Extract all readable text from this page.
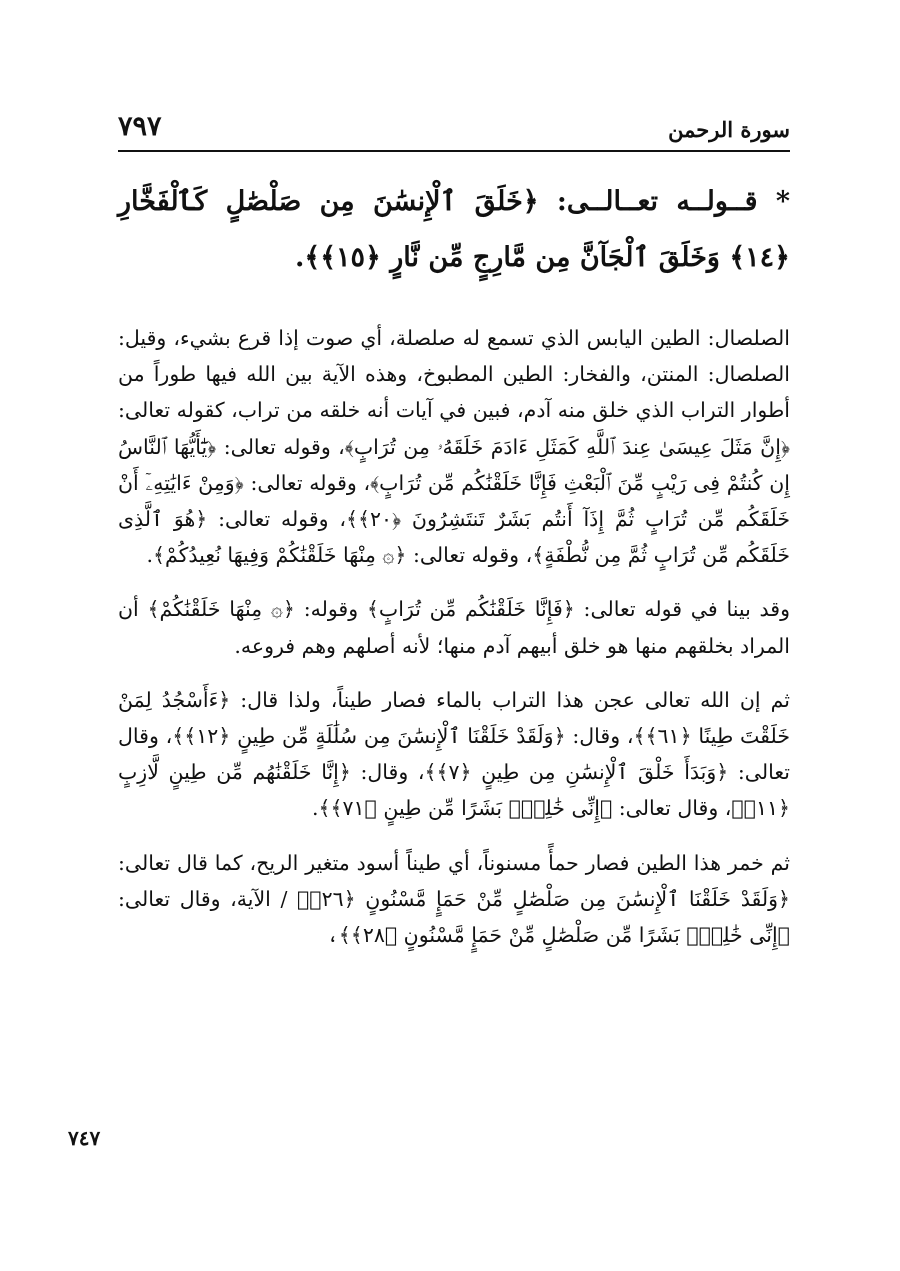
سورة الرحمن
٧٩٧
* قــولــه تعــالــى: ﴿خَلَقَ ٱلْإِنسَٰنَ مِن صَلْصَٰلٍ كَٱلْفَخَّارِ ﴿١٤﴾ وَخَلَقَ ٱلْجَآنَّ مِن مَّارِجٍ مِّن نَّارٍ ﴿١٥﴾﴾.

الصلصال: الطين اليابس الذي تسمع له صلصلة، أي صوت إذا قرع بشيء، وقيل: الصلصال: المنتن، والفخار: الطين المطبوخ، وهذه الآية بين الله فيها طوراً من أطوار التراب الذي خلق منه آدم، فبين في آيات أنه خلقه من تراب، كقوله تعالى: ﴿إِنَّ مَثَلَ عِيسَىٰ عِندَ ٱللَّهِ كَمَثَلِ ءَادَمَ خَلَقَهُۥ مِن تُرَابٍ﴾، وقوله تعالى: ﴿يَٰٓأَيُّهَا ٱلنَّاسُ إِن كُنتُمْ فِى رَيْبٍ مِّنَ ٱلْبَعْثِ فَإِنَّا خَلَقْنَٰكُم مِّن تُرَابٍ﴾، وقوله تعالى: ﴿وَمِنْ ءَايَٰتِهِۦٓ أَنْ خَلَقَكُم مِّن تُرَابٍ ثُمَّ إِذَآ أَنتُم بَشَرٌ تَنتَشِرُونَ ﴿٢٠﴾﴾، وقوله تعالى: ﴿هُوَ ٱلَّذِى خَلَقَكُم مِّن تُرَابٍ ثُمَّ مِن نُّطْفَةٍ﴾، وقوله تعالى: ﴿۞ مِنْهَا خَلَقْنَٰكُمْ وَفِيهَا نُعِيدُكُمْ﴾.

وقد بينا في قوله تعالى: ﴿فَإِنَّا خَلَقْنَٰكُم مِّن تُرَابٍ﴾ وقوله: ﴿۞ مِنْهَا خَلَقْنَٰكُمْ﴾ أن المراد بخلقهم منها هو خلق أبيهم آدم منها؛ لأنه أصلهم وهم فروعه.

ثم إن الله تعالى عجن هذا التراب بالماء فصار طيناً، ولذا قال: ﴿ءَأَسْجُدُ لِمَنْ خَلَقْتَ طِينًا ﴿٦١﴾﴾، وقال: ﴿وَلَقَدْ خَلَقْنَا ٱلْإِنسَٰنَ مِن سُلَٰلَةٍ مِّن طِينٍ ﴿١٢﴾﴾، وقال تعالى: ﴿وَبَدَأَ خَلْقَ ٱلْإِنسَٰنِ مِن طِينٍ ﴿٧﴾﴾، وقال: ﴿إِنَّا خَلَقْنَٰهُم مِّن طِينٍ لَّازِبٍ ﴿١١﴾﴾، وقال تعالى: ﴿إِنِّى خَٰلِقٌۢ بَشَرًا مِّن طِينٍ ﴿٧١﴾﴾.

ثم خمر هذا الطين فصار حمأً مسنوناً، أي طيناً أسود متغير الريح، كما قال تعالى: ﴿وَلَقَدْ خَلَقْنَا ٱلْإِنسَٰنَ مِن صَلْصَٰلٍ مِّنْ حَمَإٍ مَّسْنُونٍ ﴿٢٦﴾﴾ / الآية، وقال تعالى: ﴿إِنِّى خَٰلِقٌۢ بَشَرًا مِّن صَلْصَٰلٍ مِّنْ حَمَإٍ مَّسْنُونٍ ﴿٢٨﴾﴾،

٧٤٧
